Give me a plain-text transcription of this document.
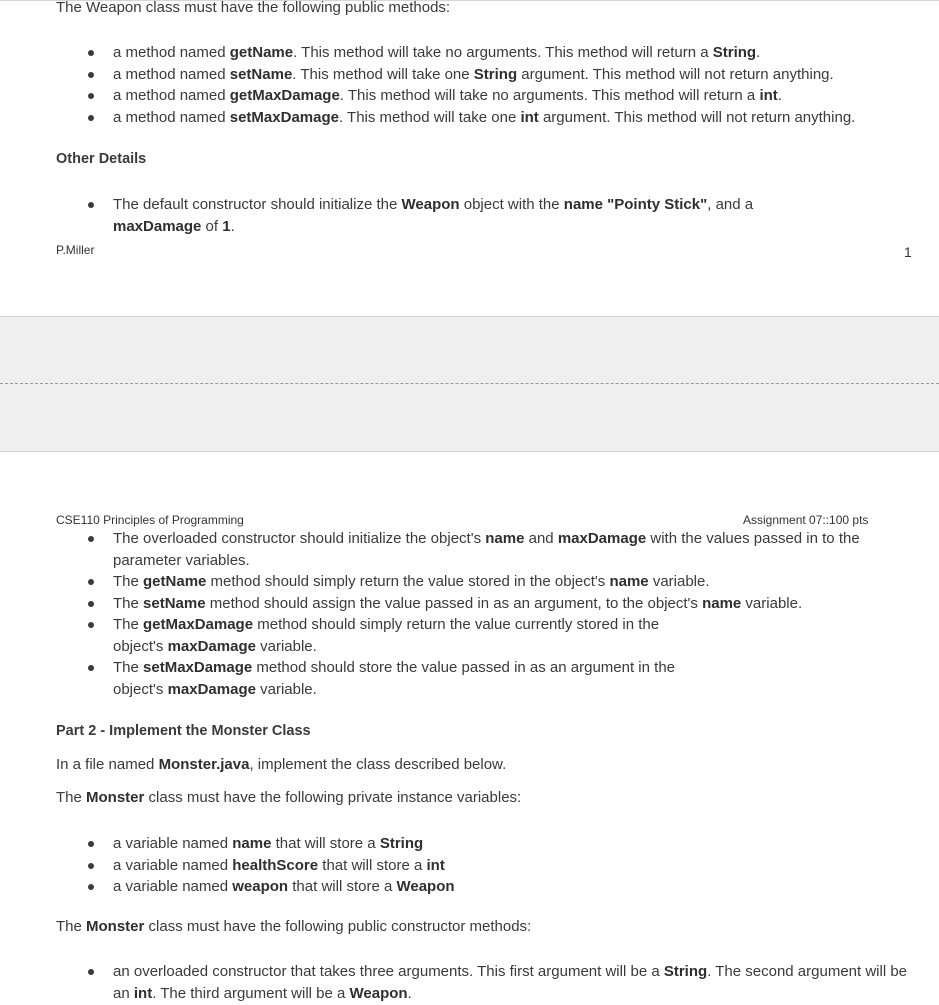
The Weapon class must have the following public methods:

a method named getName. This method will take no arguments. This method will return a String.
a method named setName. This method will take one String argument. This method will not return anything.
a method named getMaxDamage. This method will take no arguments. This method will return a int.
a method named setMaxDamage. This method will take one int argument. This method will not return anything.

Other Details

The default constructor should initialize the Weapon object with the name "Pointy Stick", and a maxDamage of 1.
P.Miller	1
CSE110 Principles of Programming	Assignment 07::100 pts
The overloaded constructor should initialize the object's name and maxDamage with the values passed in to the parameter variables.
The getName method should simply return the value stored in the object's name variable.
The setName method should assign the value passed in as an argument, to the object's name variable.
The getMaxDamage method should simply return the value currently stored in the object's maxDamage variable.
The setMaxDamage method should store the value passed in as an argument in the object's maxDamage variable.

Part 2 - Implement the Monster Class

In a file named Monster.java, implement the class described below.

The Monster class must have the following private instance variables:

a variable named name that will store a String
a variable named healthScore that will store a int
a variable named weapon that will store a Weapon

The Monster class must have the following public constructor methods:

an overloaded constructor that takes three arguments. This first argument will be a String. The second argument will be an int. The third argument will be a Weapon.
